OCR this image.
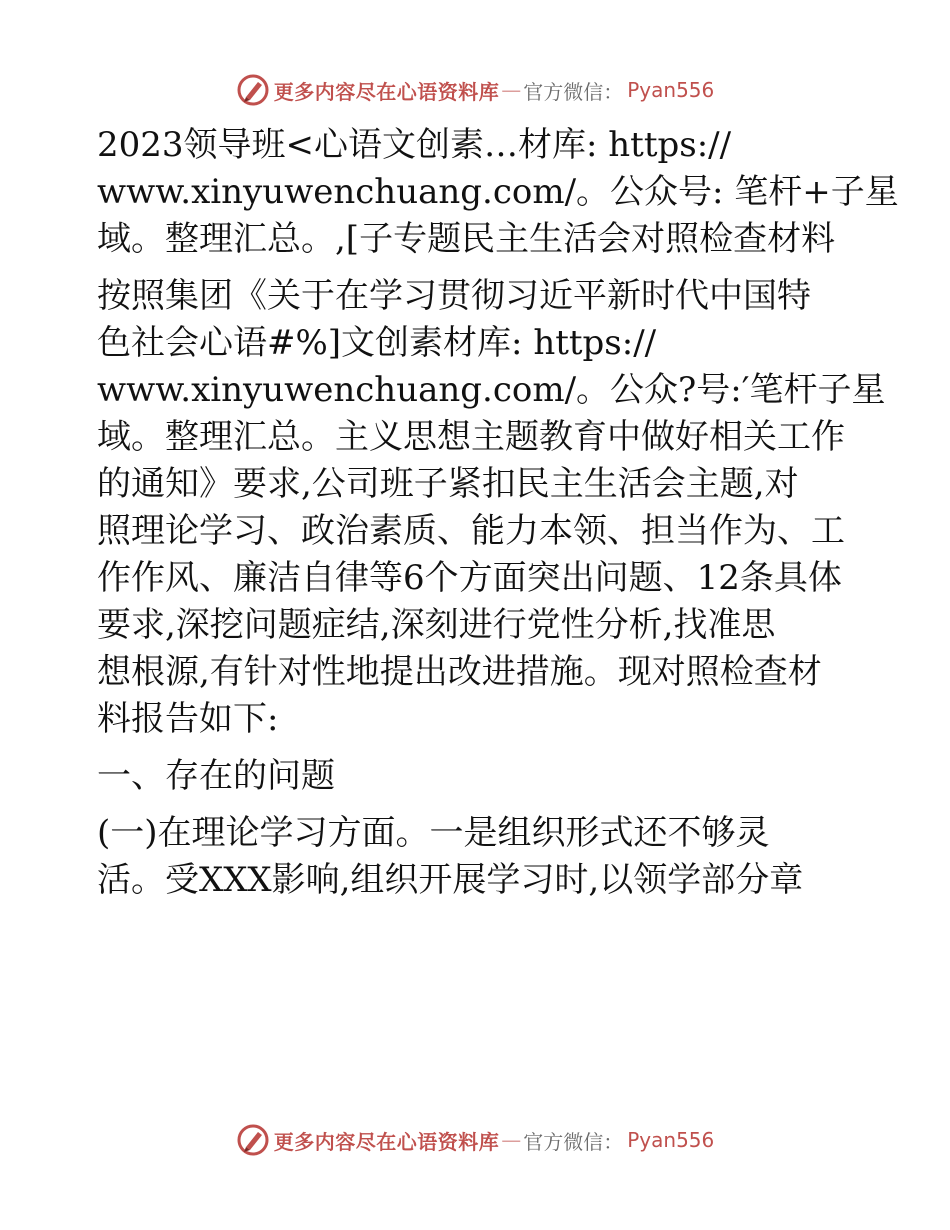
更多内容尽在心语资料库 — 官方微信： Pyan556

2023领导班<心语文创素…材库: https://
www.xinyuwenchuang.com/。公众号: 笔杆+子星
域。整理汇总。,[子专题民主生活会对照检查材料

按照集团《关于在学习贯彻习近平新时代中国特
色社会心语#%]文创素材库: https://
www.xinyuwenchuang.com/。公众?号:′笔杆子星
域。整理汇总。主义思想主题教育中做好相关工作
的通知》要求,公司班子紧扣民主生活会主题,对
照理论学习、政治素质、能力本领、担当作为、工
作作风、廉洁自律等6个方面突出问题、12条具体
要求,深挖问题症结,深刻进行党性分析,找准思
想根源,有针对性地提出改进措施。现对照检查材
料报告如下:

一、存在的问题

(一)在理论学习方面。一是组织形式还不够灵
活。受XXX影响,组织开展学习时,以领学部分章

更多内容尽在心语资料库 — 官方微信： Pyan556
